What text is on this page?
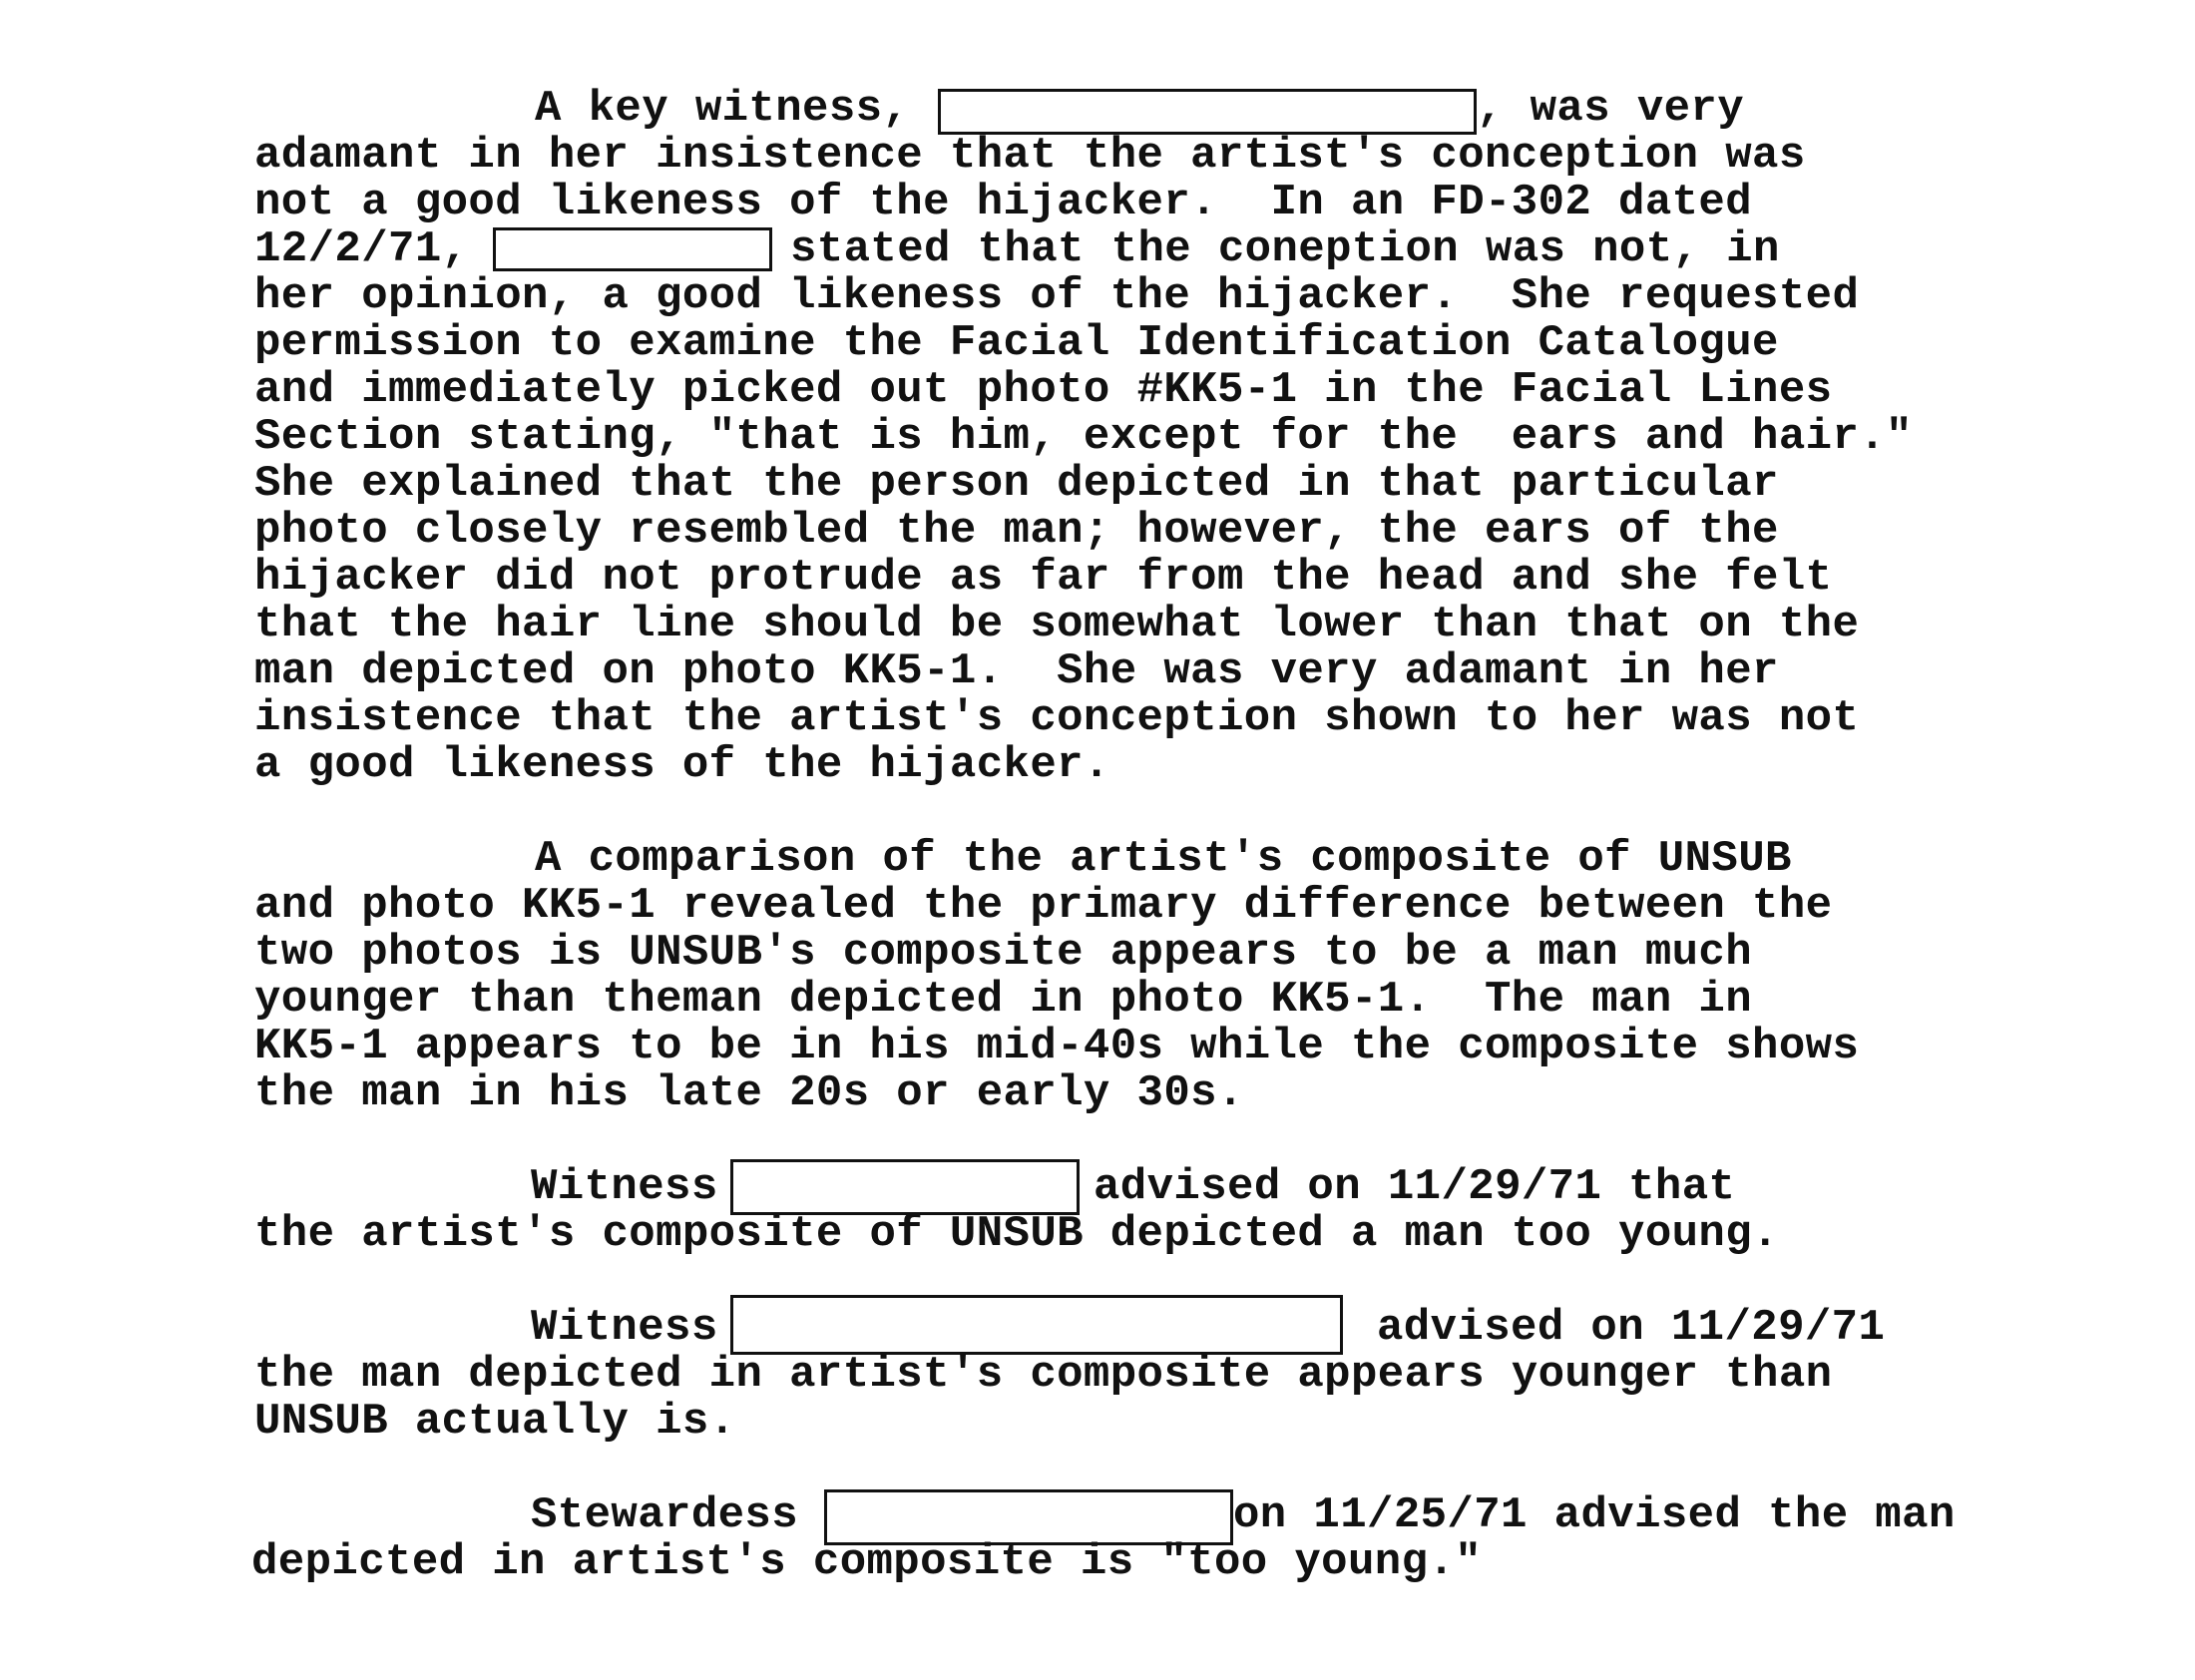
A key witness,	, was very
adamant in her insistence that the artist's conception was
not a good likeness of the hijacker.  In an FD-302 dated
12/2/71,	stated that the coneption was not, in
her opinion, a good likeness of the hijacker.  She requested
permission to examine the Facial Identification Catalogue
and immediately picked out photo #KK5-1 in the Facial Lines
Section stating, "that is him, except for the  ears and hair."
She explained that the person depicted in that particular
photo closely resembled the man; however, the ears of the
hijacker did not protrude as far from the head and she felt
that the hair line should be somewhat lower than that on the
man depicted on photo KK5-1.  She was very adamant in her
insistence that the artist's conception shown to her was not
a good likeness of the hijacker.
A comparison of the artist's composite of UNSUB
and photo KK5-1 revealed the primary difference between the
two photos is UNSUB's composite appears to be a man much
younger than theman depicted in photo KK5-1.  The man in
KK5-1 appears to be in his mid-40s while the composite shows
the man in his late 20s or early 30s.
Witness	advised on 11/29/71 that
the artist's composite of UNSUB depicted a man too young.
Witness	advised on 11/29/71
the man depicted in artist's composite appears younger than
UNSUB actually is.
Stewardess	on 11/25/71 advised the man
depicted in artist's composite is "too young."
